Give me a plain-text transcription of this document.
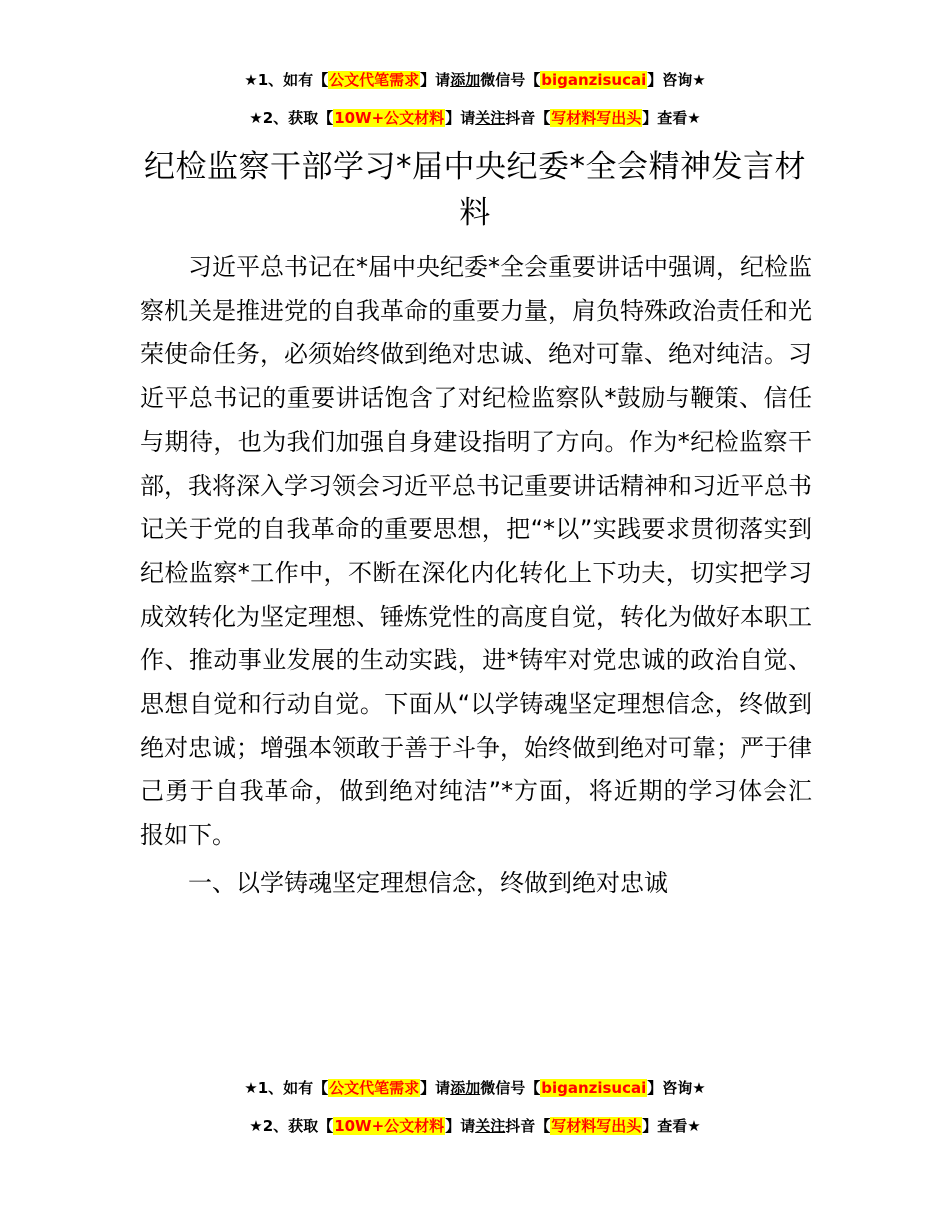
★1、如有【公文代笔需求】请添加微信号【biganzisucai】咨询★
★2、获取【10W+公文材料】请关注抖音【写材料写出头】查看★
纪检监察干部学习*届中央纪委*全会精神发言材料

习近平总书记在*届中央纪委*全会重要讲话中强调，纪检监察机关是推进党的自我革命的重要力量，肩负特殊政治责任和光荣使命任务，必须始终做到绝对忠诚、绝对可靠、绝对纯洁。习近平总书记的重要讲话饱含了对纪检监察队*鼓励与鞭策、信任与期待，也为我们加强自身建设指明了方向。作为*纪检监察干部，我将深入学习领会习近平总书记重要讲话精神和习近平总书记关于党的自我革命的重要思想，把“*以”实践要求贯彻落实到纪检监察*工作中，不断在深化内化转化上下功夫，切实把学习成效转化为坚定理想、锤炼党性的高度自觉，转化为做好本职工作、推动事业发展的生动实践，进*铸牢对党忠诚的政治自觉、思想自觉和行动自觉。下面从“以学铸魂坚定理想信念，终做到绝对忠诚；增强本领敢于善于斗争，始终做到绝对可靠；严于律己勇于自我革命，做到绝对纯洁”*方面，将近期的学习体会汇报如下。

一、以学铸魂坚定理想信念，终做到绝对忠诚
★1、如有【公文代笔需求】请添加微信号【biganzisucai】咨询★
★2、获取【10W+公文材料】请关注抖音【写材料写出头】查看★
